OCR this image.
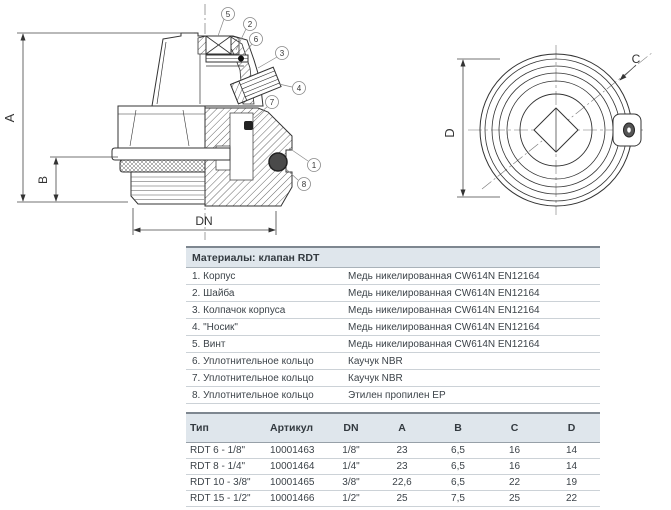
A
B
DN
5
2
6
3
4
7
1
8
D
C
Материалы: клапан RDT
1. Корпус	Медь никелированная CW614N EN12164
2. Шайба	Медь никелированная CW614N EN12164
3. Колпачок корпуса	Медь никелированная CW614N EN12164
4. "Носик"	Медь никелированная CW614N EN12164
5. Винт	Медь никелированная CW614N EN12164
6. Уплотнительное кольцо	Каучук NBR
7. Уплотнительное кольцо	Каучук NBR
8. Уплотнительное кольцо	Этилен пропилен EP
Тип	Артикул	DN	A	B	C	D
RDT 6 - 1/8"	10001463	1/8"	23	6,5	16	14
RDT 8 - 1/4"	10001464	1/4"	23	6,5	16	14
RDT 10 - 3/8"	10001465	3/8"	22,6	6,5	22	19
RDT 15 - 1/2"	10001466	1/2"	25	7,5	25	22
